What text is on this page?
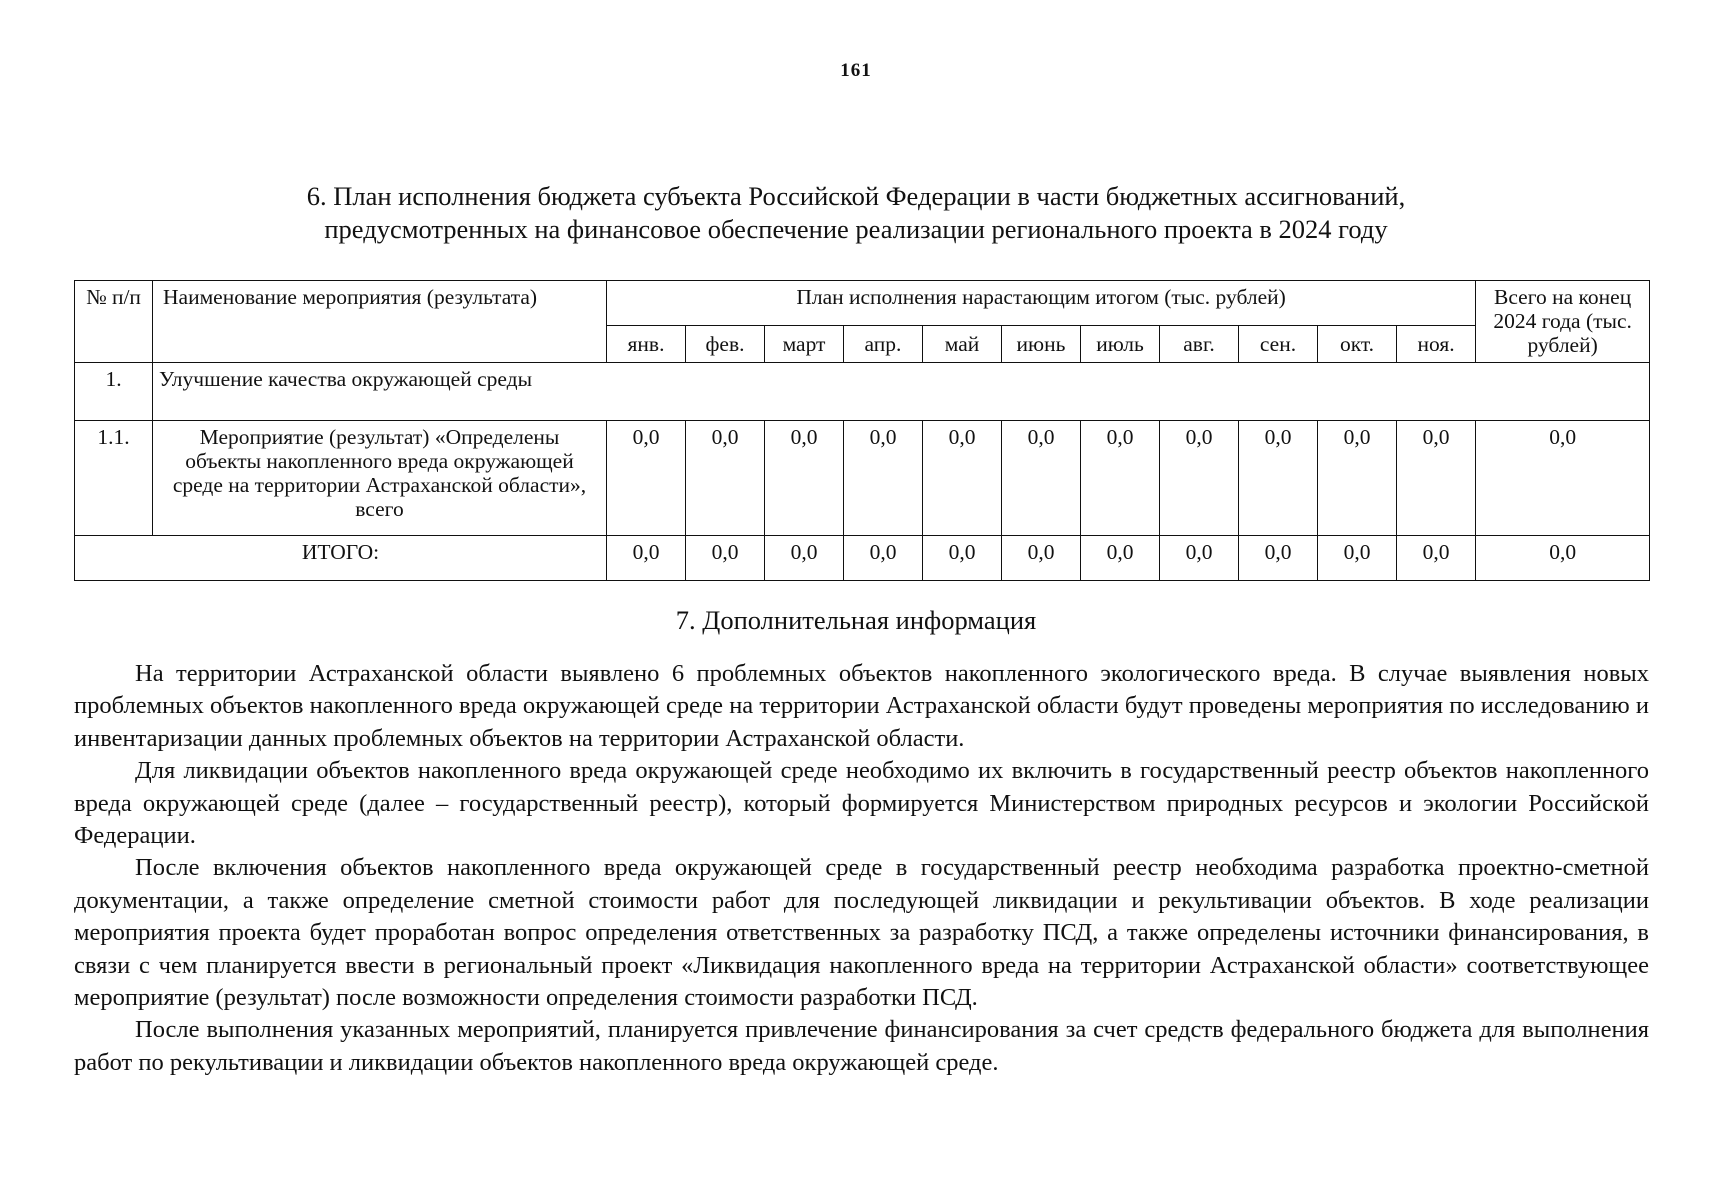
161
6. План исполнения бюджета субъекта Российской Федерации в части бюджетных ассигнований,
предусмотренных на финансовое обеспечение реализации регионального проекта в 2024 году
№ п/п	Наименование мероприятия (результата)	План исполнения нарастающим итогом (тыс. рублей)											Всего на конец 2024 года (тыс. рублей)
		янв.	фев.	март	апр.	май	июнь	июль	авг.	сен.	окт.	ноя.	
1.	Улучшение качества окружающей среды												
1.1.	Мероприятие (результат) «Определены объекты накопленного вреда окружающей среде на территории Астраханской области», всего	0,0	0,0	0,0	0,0	0,0	0,0	0,0	0,0	0,0	0,0	0,0	0,0
ИТОГО:		0,0	0,0	0,0	0,0	0,0	0,0	0,0	0,0	0,0	0,0	0,0	0,0
7. Дополнительная информация

На территории Астраханской области выявлено 6 проблемных объектов накопленного экологического вреда. В случае выявления новых проблемных объектов накопленного вреда окружающей среде на территории Астраханской области будут проведены мероприятия по исследованию и инвентаризации данных проблемных объектов на территории Астраханской области.

Для ликвидации объектов накопленного вреда окружающей среде необходимо их включить в государственный реестр объектов накопленного вреда окружающей среде (далее – государственный реестр), который формируется Министерством природных ресурсов и экологии Российской Федерации.

После включения объектов накопленного вреда окружающей среде в государственный реестр необходима разработка проектно-сметной документации, а также определение сметной стоимости работ для последующей ликвидации и рекультивации объектов. В ходе реализации мероприятия проекта будет проработан вопрос определения ответственных за разработку ПСД, а также определены источники финансирования, в связи с чем планируется ввести в региональный проект «Ликвидация накопленного вреда на территории Астраханской области» соответствующее мероприятие (результат) после возможности определения стоимости разработки ПСД.

После выполнения указанных мероприятий, планируется привлечение финансирования за счет средств федерального бюджета для выполнения работ по рекультивации и ликвидации объектов накопленного вреда окружающей среде.
